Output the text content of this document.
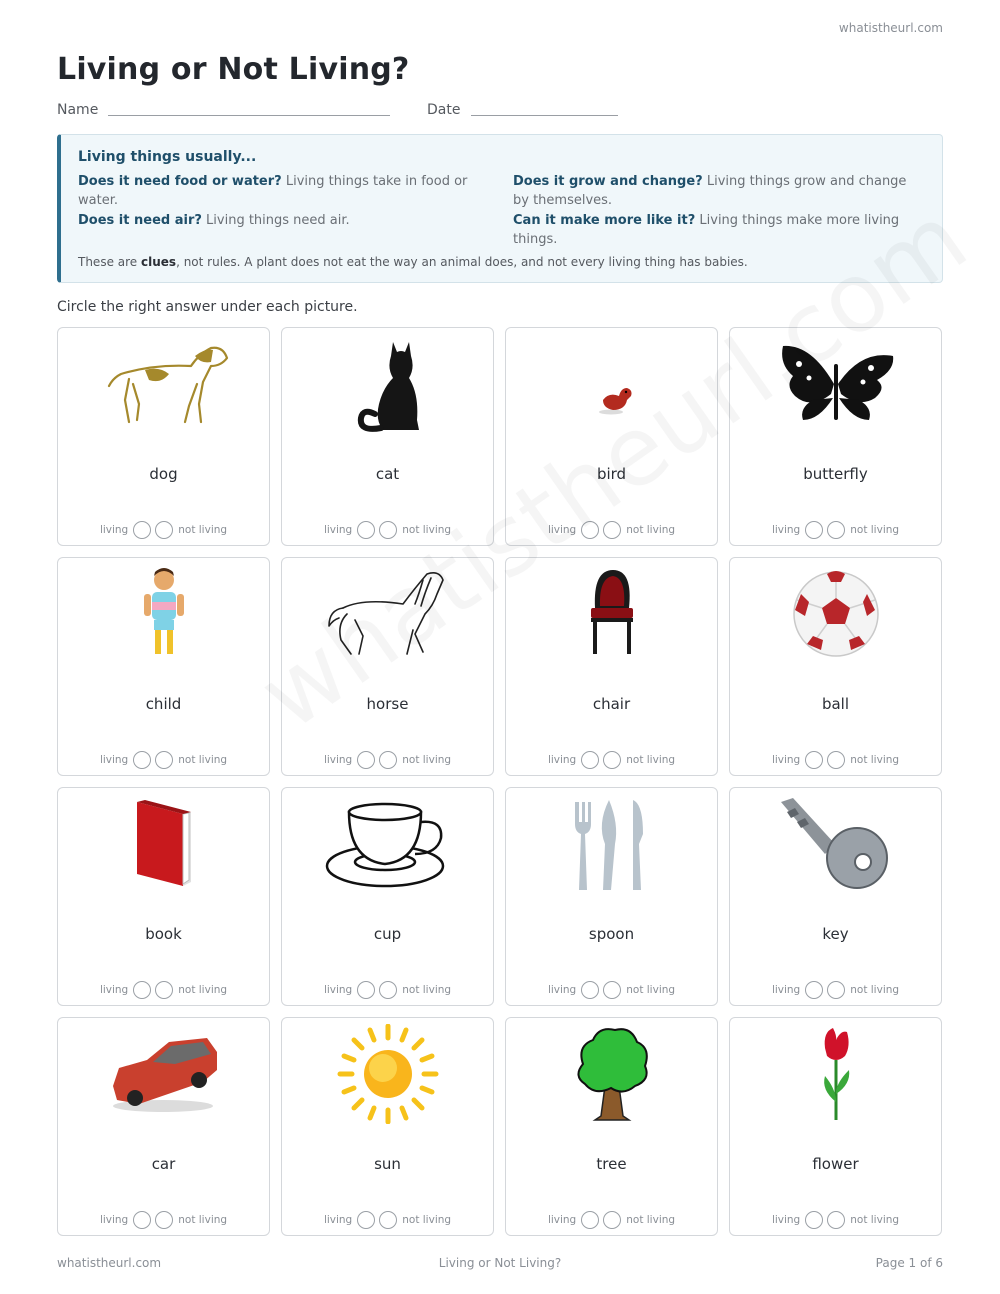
whatistheurl.com
Living or Not Living?
Name	Date
Living things usually...
Does it need food or water? Living things take in food or water.
Does it grow and change? Living things grow and change by themselves.
Does it need air? Living things need air.	Can it make more like it? Living things make more living things.
These are clues, not rules. A plant does not eat the way an animal does, and not every living thing has babies.
Circle the right answer under each picture.
dog
living	not living
cat
living	not living
bird
living	not living
butterfly
living	not living
child
living	not living
horse
living	not living
chair
living	not living
ball
living	not living
book
living	not living
cup
living	not living
spoon
living	not living
key
living	not living
car
living	not living
sun
living	not living
tree
living	not living
flower
living	not living
whatistheurl.com	Living or Not Living?	Page 1 of 6
